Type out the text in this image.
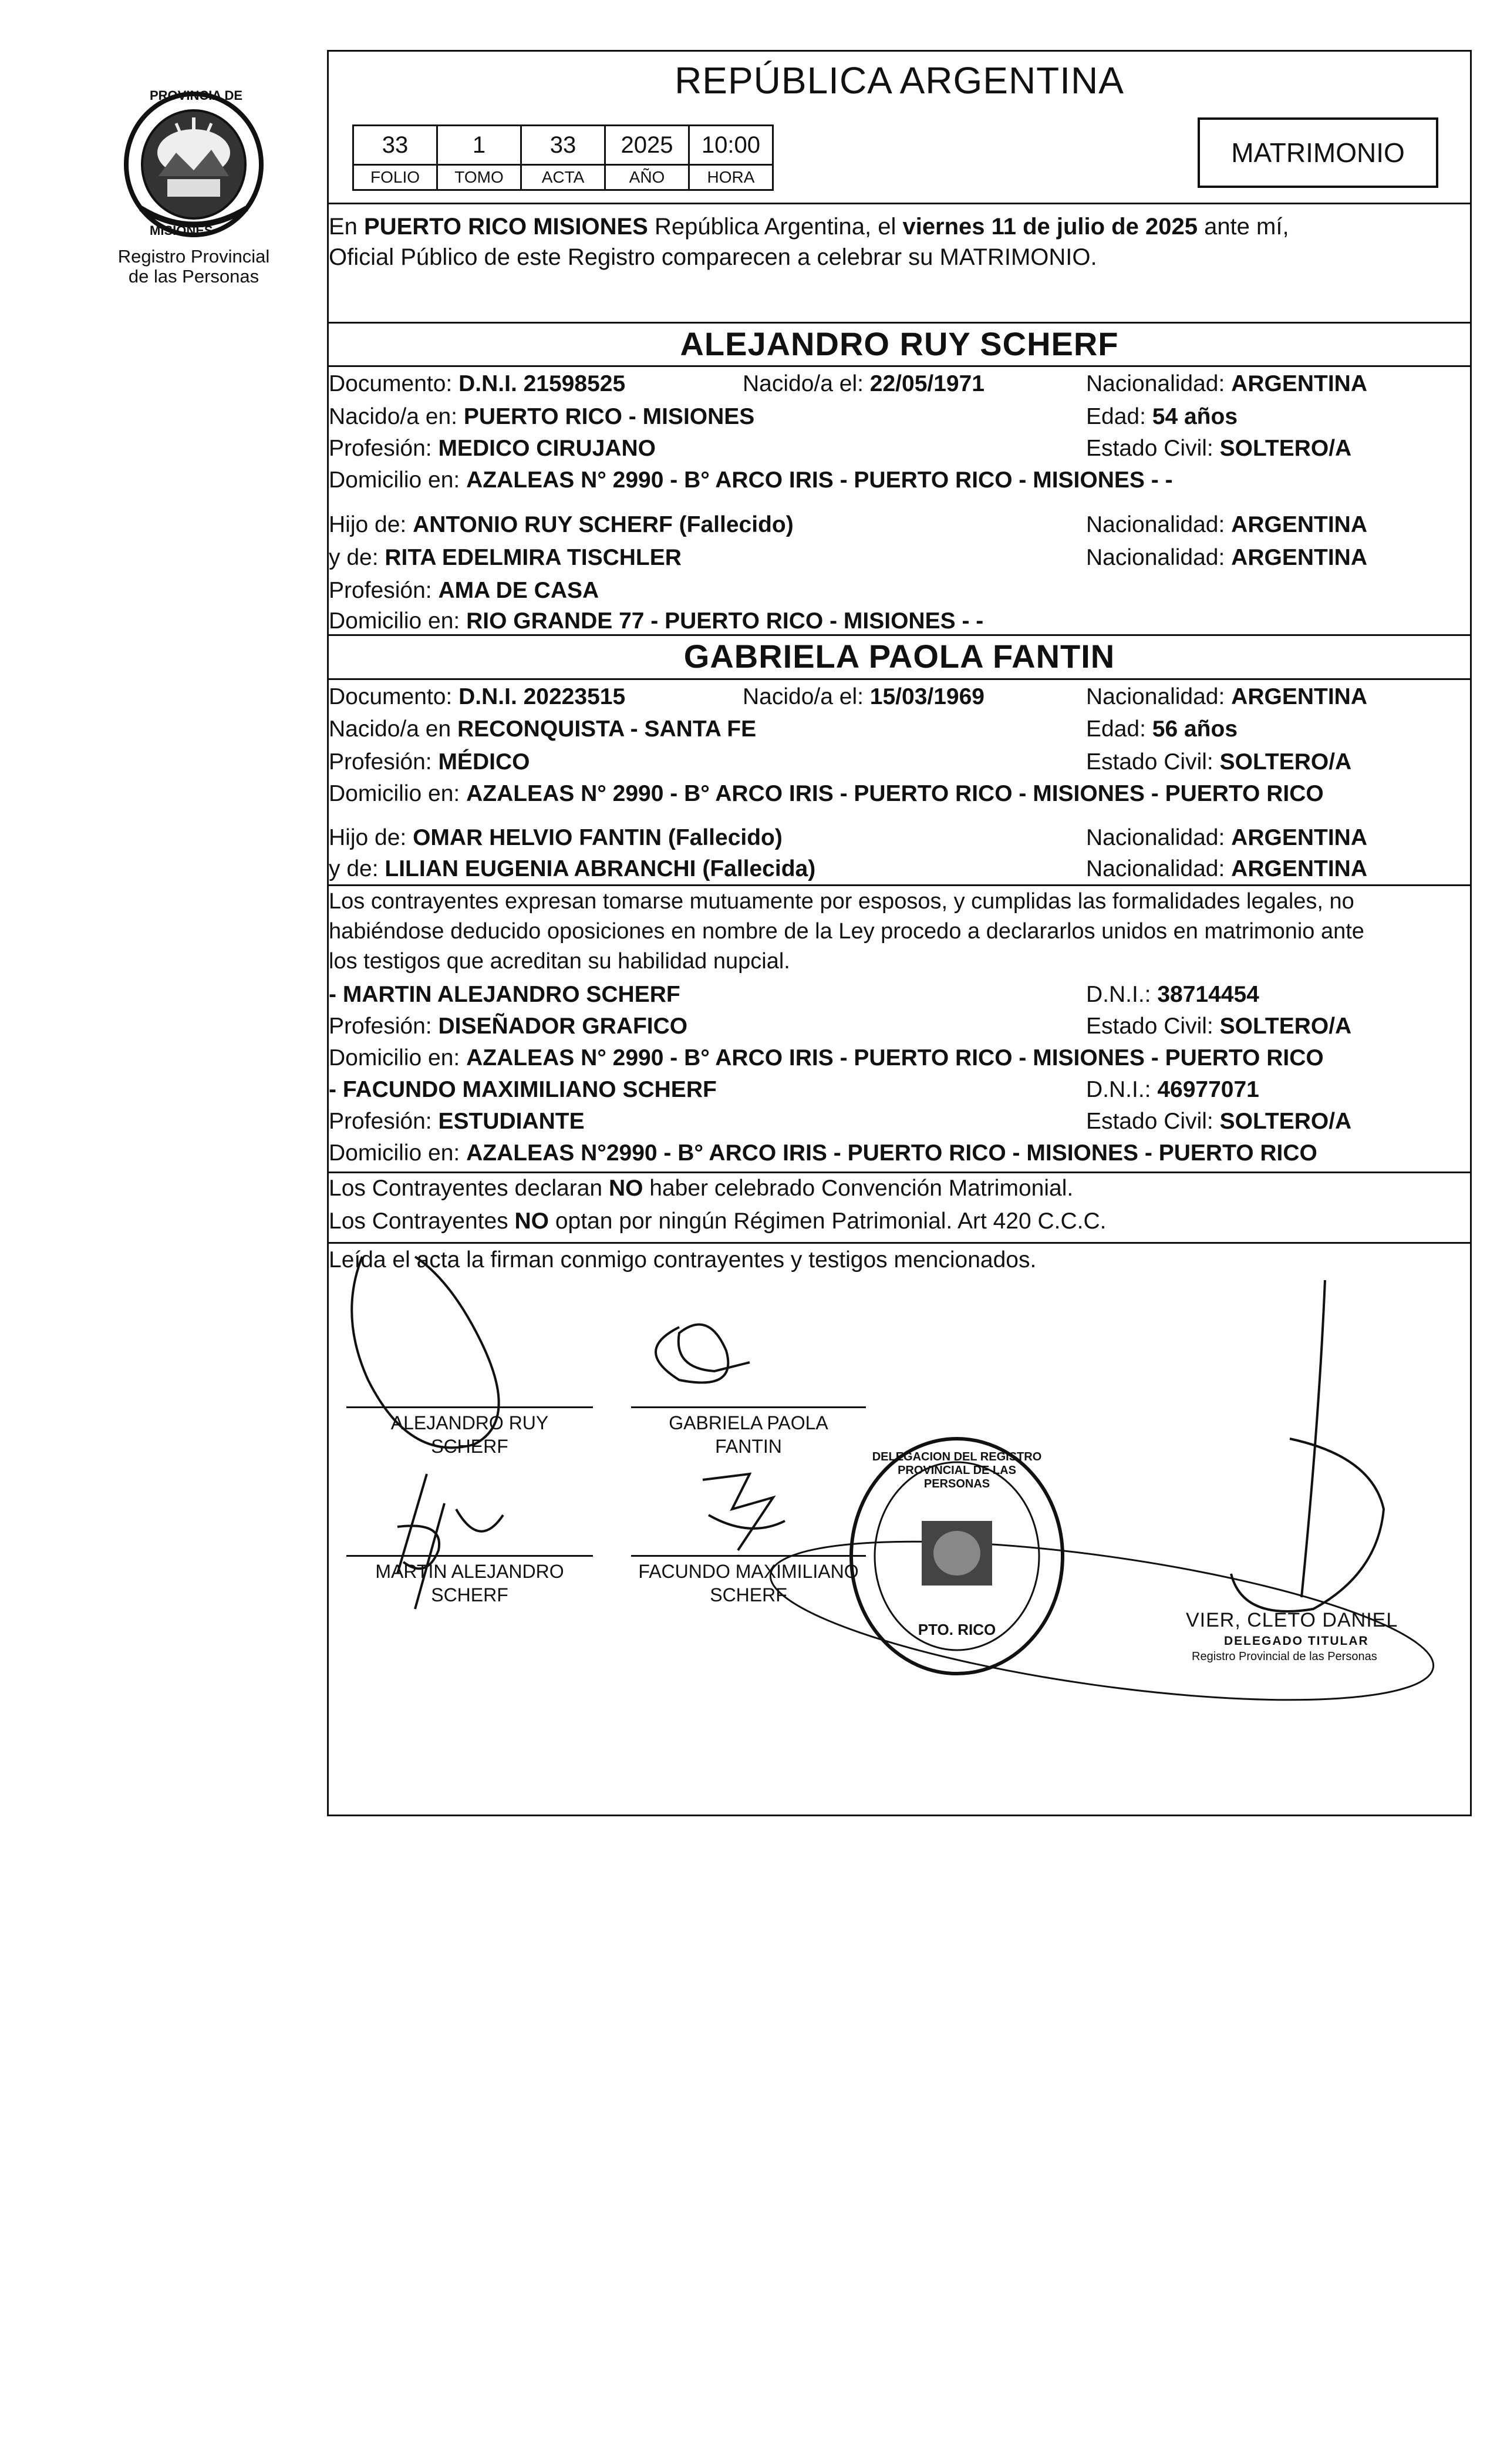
PROVINCIA DE
MISIONES
Registro Provincial
de las Personas
REPÚBLICA ARGENTINA
33	1	33	2025	10:00
FOLIO	TOMO	ACTA	AÑO	HORA
MATRIMONIO
En PUERTO RICO MISIONES República Argentina, el viernes 11 de julio de 2025 ante mí,
Oficial Público de este Registro comparecen a celebrar su MATRIMONIO.
ALEJANDRO RUY SCHERF
Documento: D.N.I. 21598525	Nacido/a el: 22/05/1971	Nacionalidad: ARGENTINA
Nacido/a en: PUERTO RICO - MISIONES	Edad: 54 años
Profesión: MEDICO CIRUJANO	Estado Civil: SOLTERO/A
Domicilio en: AZALEAS N° 2990 - B° ARCO IRIS - PUERTO RICO - MISIONES - -
Hijo de: ANTONIO RUY SCHERF (Fallecido)	Nacionalidad: ARGENTINA
y de: RITA EDELMIRA TISCHLER	Nacionalidad: ARGENTINA
Profesión: AMA DE CASA
Domicilio en: RIO GRANDE 77 - PUERTO RICO - MISIONES - -
GABRIELA PAOLA FANTIN
Documento: D.N.I. 20223515	Nacido/a el: 15/03/1969	Nacionalidad: ARGENTINA
Nacido/a en RECONQUISTA - SANTA FE	Edad: 56 años
Profesión: MÉDICO	Estado Civil: SOLTERO/A
Domicilio en: AZALEAS N° 2990 - B° ARCO IRIS - PUERTO RICO - MISIONES - PUERTO RICO
Hijo de: OMAR HELVIO FANTIN (Fallecido)	Nacionalidad: ARGENTINA
y de: LILIAN EUGENIA ABRANCHI (Fallecida)	Nacionalidad: ARGENTINA
Los contrayentes expresan tomarse mutuamente por esposos, y cumplidas las formalidades legales, no
habiéndose deducido oposiciones en nombre de la Ley procedo a declararlos unidos en matrimonio ante
los testigos que acreditan su habilidad nupcial.
- MARTIN ALEJANDRO SCHERF	D.N.I.: 38714454
Profesión: DISEÑADOR GRAFICO	Estado Civil: SOLTERO/A
Domicilio en: AZALEAS N° 2990 - B° ARCO IRIS - PUERTO RICO - MISIONES - PUERTO RICO
- FACUNDO MAXIMILIANO SCHERF	D.N.I.: 46977071
Profesión: ESTUDIANTE	Estado Civil: SOLTERO/A
Domicilio en: AZALEAS N°2990 - B° ARCO IRIS - PUERTO RICO - MISIONES - PUERTO RICO
Los Contrayentes declaran NO haber celebrado Convención Matrimonial.
Los Contrayentes NO optan por ningún Régimen Patrimonial. Art 420 C.C.C.
Leída el acta la firman conmigo contrayentes y testigos mencionados.
ALEJANDRO RUY
SCHERF
GABRIELA PAOLA
FANTIN
MARTIN ALEJANDRO
SCHERF
FACUNDO MAXIMILIANO
SCHERF
DELEGACION DEL REGISTRO PROVINCIAL DE LAS PERSONAS
PTO. RICO	VIER, CLETO DANIEL
DELEGADO TITULAR
Registro Provincial de las Personas
